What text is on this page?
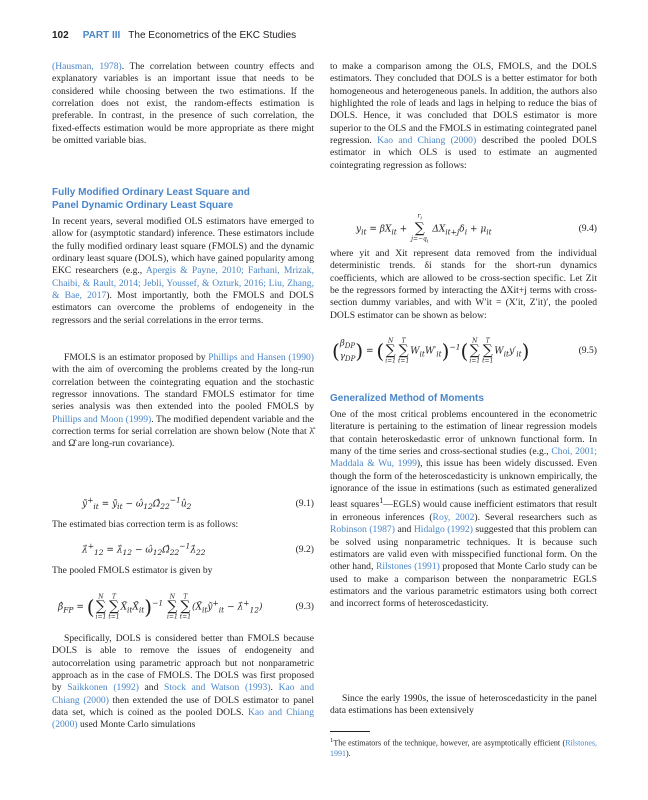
102 PART III The Econometrics of the EKC Studies

(Hausman, 1978). The correlation between country effects and explanatory variables is an important issue that needs to be considered while choosing between the two estimations. If the correlation does not exist, the random-effects estimation is preferable. In contrast, in the presence of such correlation, the fixed-effects estimation would be more appropriate as there might be omitted variable bias.

Fully Modified Ordinary Least Square and
Panel Dynamic Ordinary Least Square

In recent years, several modified OLS estimators have emerged to allow for (asymptotic standard) inference. These estimators include the fully modified ordinary least square (FMOLS) and the dynamic ordinary least square (DOLS), which have gained popularity among EKC researchers (e.g., Apergis & Payne, 2010; Farhani, Mrizak, Chaibi, & Rault, 2014; Jebli, Youssef, & Ozturk, 2016; Liu, Zhang, & Bae, 2017). Most importantly, both the FMOLS and DOLS estimators can overcome the problems of endogeneity in the regressors and the serial correlations in the error terms.

FMOLS is an estimator proposed by Phillips and Hansen (1990) with the aim of overcoming the problems created by the long-run correlation between the cointegrating equation and the stochastic regressor innovations. The standard FMOLS estimator for time series analysis was then extended into the pooled FMOLS by Phillips and Moon (1999). The modified dependent variable and the correction terms for serial correlation are shown below (Note that λ̂ and Ω̂ are long-run covariance).

ỹ+$_{it}$ = ỹ$_{it}$ − $\omegâ_{12}\Omegâ_{22}^{-1}û_2$	(9.1)

The estimated bias correction term is as follows:

$\lambdâ^+_{12}$ = $\lambdâ_{12}$ − $\omegâ_{12}\Omegâ_{22}^{-1}\lambdâ_{22}$	(9.2)

The pooled FMOLS estimator is given by

$\betâ_{FP}$ = ( N
∑
i=1
T
∑
t=1
$X̃_{it}X̃_{it})^{-1}$
N
∑
i=1
T
∑
t=1
($X̃_{it}ỹ^+_{it}$ − $\lambdâ^+_{12}$)	(9.3)

Specifically, DOLS is considered better than FMOLS because DOLS is able to remove the issues of endogeneity and autocorrelation using parametric approach but not nonparametric approach as in the case of FMOLS. The DOLS was first proposed by Saikkonen (1992) and Stock and Watson (1993). Kao and Chiang (2000) then extended the use of DOLS estimator to panel data set, which is coined as the pooled DOLS. Kao and Chiang (2000) used Monte Carlo simulations

to make a comparison among the OLS, FMOLS, and the DOLS estimators. They concluded that DOLS is a better estimator for both homogeneous and heterogeneous panels. In addition, the authors also highlighted the role of leads and lags in helping to reduce the bias of DOLS. Hence, it was concluded that DOLS estimator is more superior to the OLS and the FMOLS in estimating cointegrated panel regression. Kao and Chiang (2000) described the pooled DOLS estimator in which OLS is used to estimate an augmented cointegrating regression as follows:

$y_{it} = \beta X_{it}$ +
$r_i$
∑
$j=-q_i$
$\Delta X_{it+j}\delta_i + \mu_{it}$	(9.4)

where yit and Xit represent data removed from the individual deterministic trends. δi stands for the short-run dynamics coefficients, which are allowed to be cross-section specific. Let Zit be the regressors formed by interacting the ΔXit+j terms with cross-section dummy variables, and with W′it = (X′it, Z′it)′, the pooled DOLS estimator can be shown as below:

($\beta_{DP}$
$\gamma_{DP}$) = ( N
∑
i=1
T
∑
t=1
$W_{it}W'_{it})^{-1}$( N
∑
i=1
T
∑
t=1
$W_{it}y'_{it}$)	(9.5)
Generalized Method of Moments

One of the most critical problems encountered in the econometric literature is pertaining to the estimation of linear regression models that contain heteroskedastic error of unknown functional form. In many of the time series and cross-sectional studies (e.g., Choi, 2001; Maddala & Wu, 1999), this issue has been widely discussed. Even though the form of the heteroscedasticity is unknown empirically, the ignorance of the issue in estimations (such as estimated generalized least squares$^1$—EGLS) would cause inefficient estimators that result in erroneous inferences (Roy, 2002). Several researchers such as Robinson (1987) and Hidalgo (1992) suggested that this problem can be solved using nonparametric techniques. It is because such estimators are valid even with misspecified functional form. On the other hand, Rilstones (1991) proposed that Monte Carlo study can be used to make a comparison between the nonparametric EGLS estimators and the various parametric estimators using both correct and incorrect forms of heteroscedasticity.

Since the early 1990s, the issue of heteroscedasticity in the panel data estimations has been extensively

$^1$The estimators of the technique, however, are asymptotically efficient (Rilstones, 1991).
